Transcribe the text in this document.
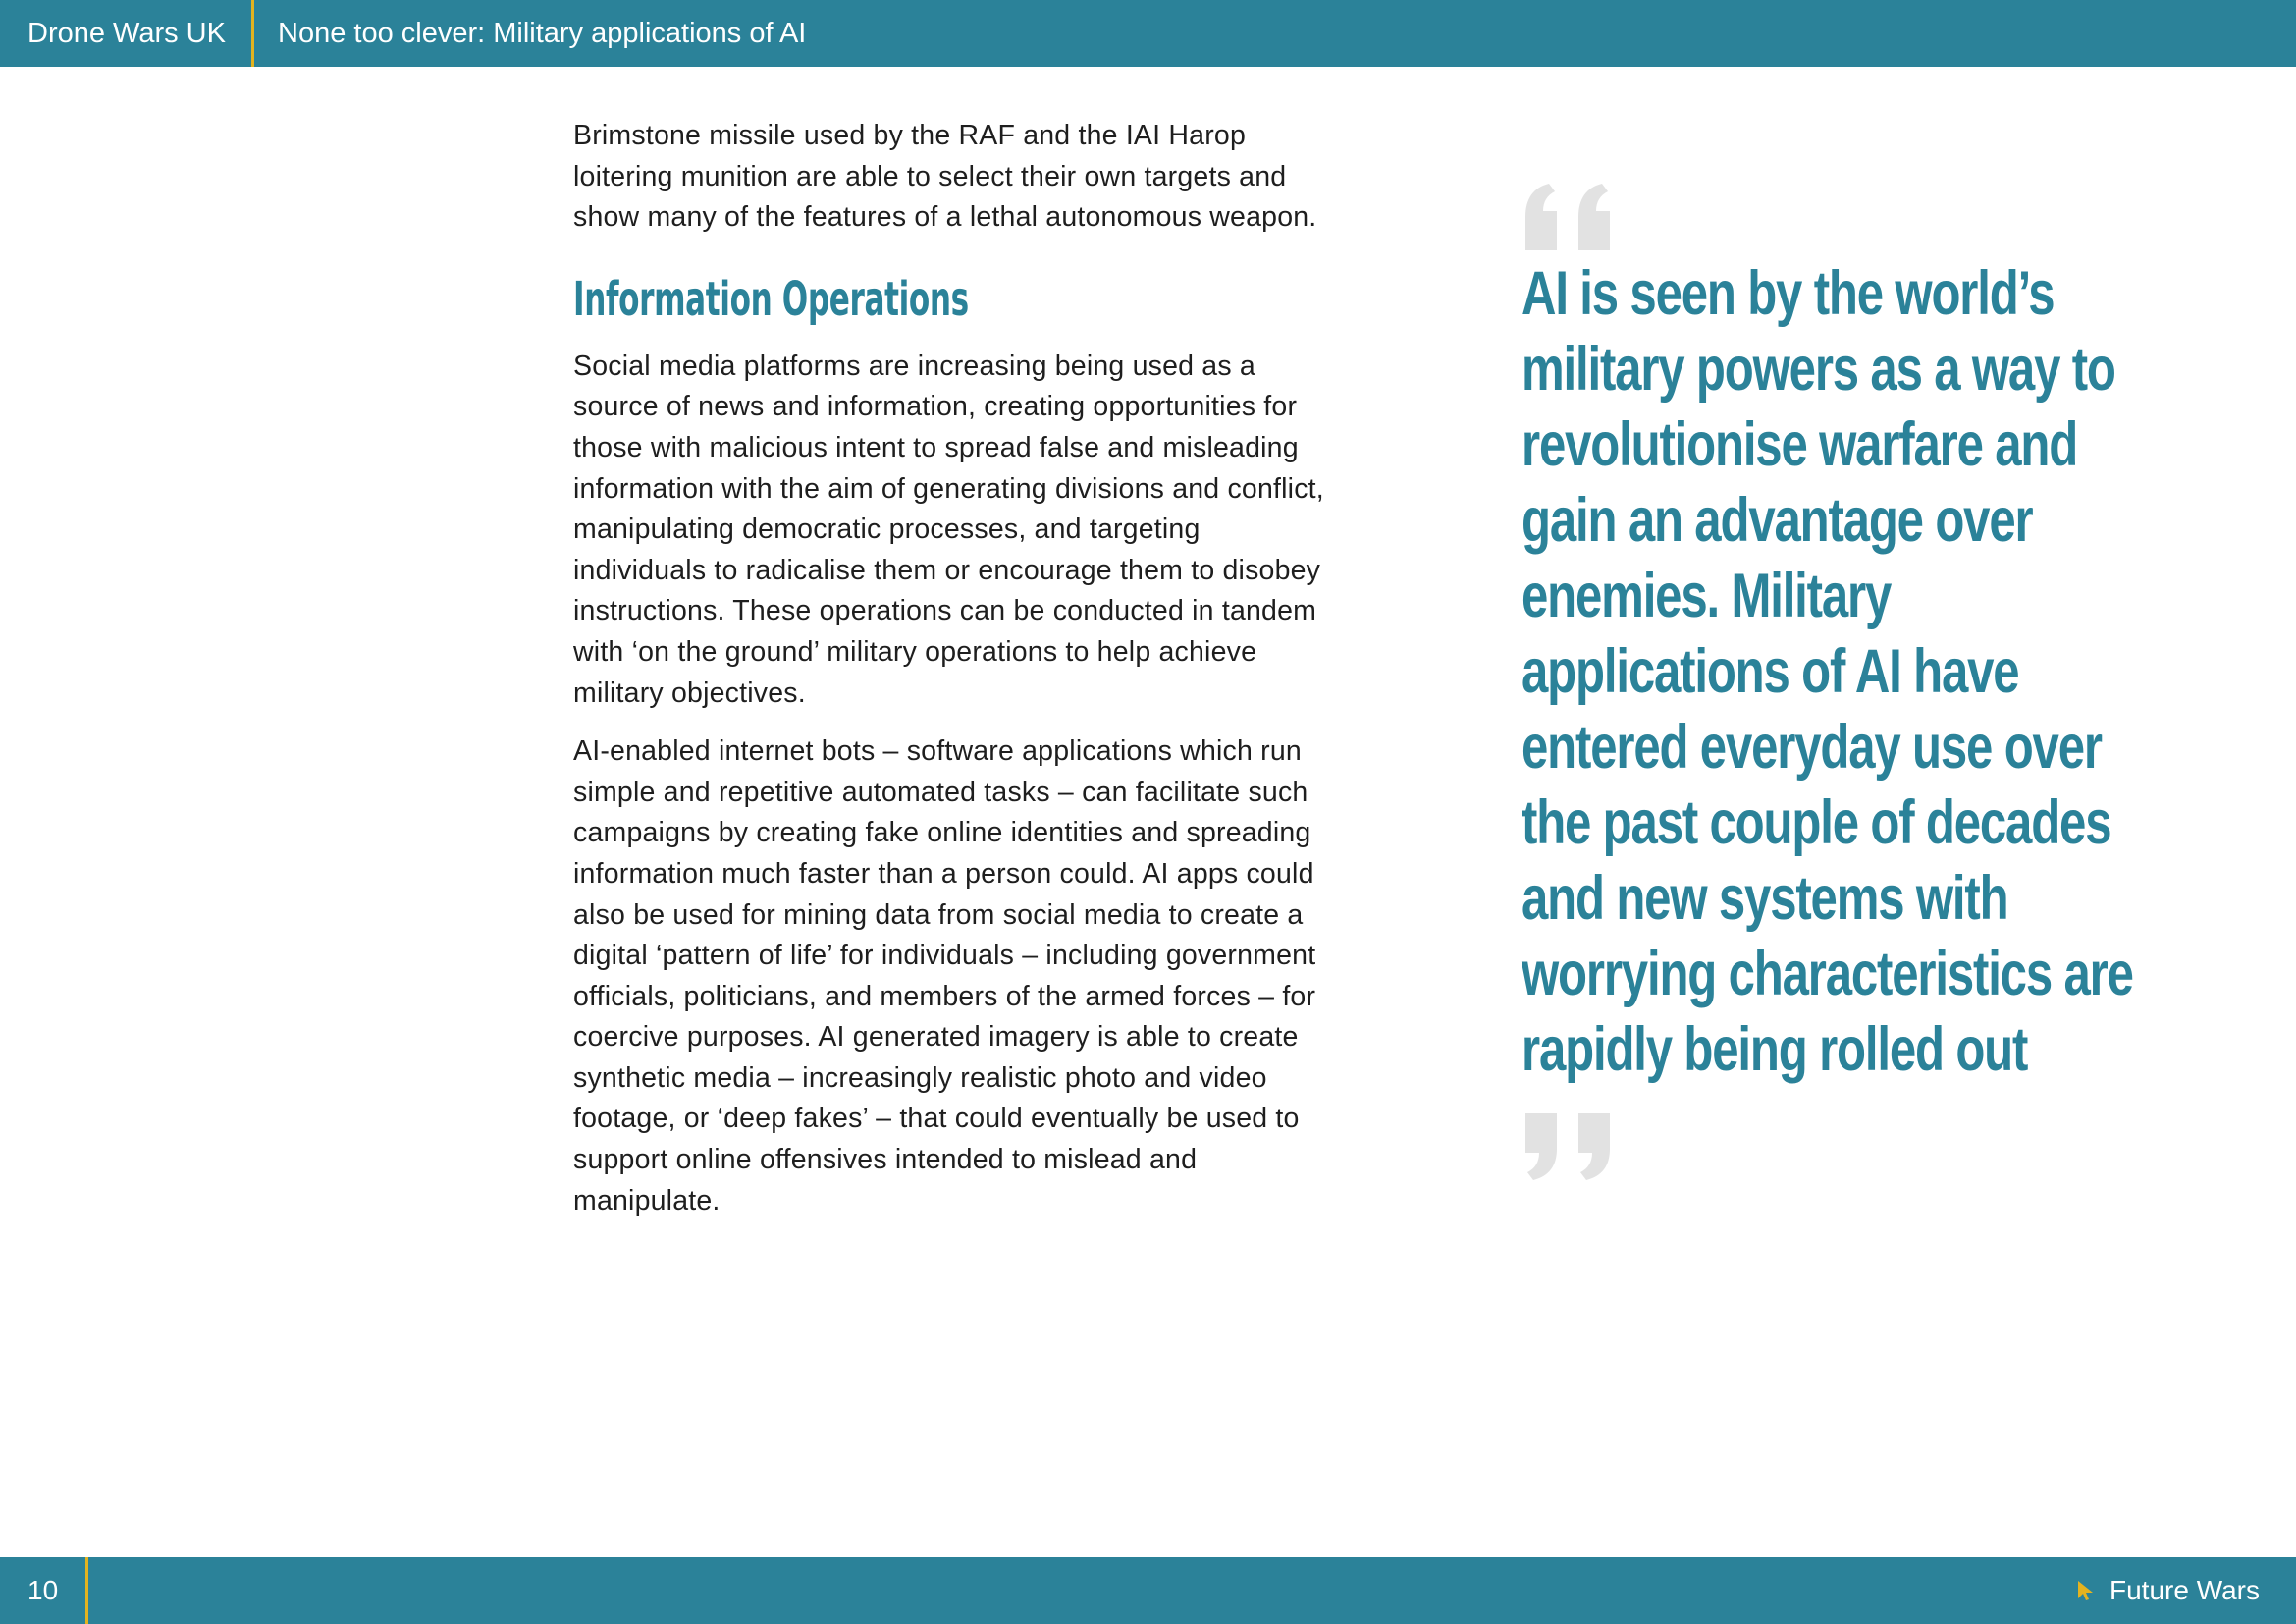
Drone Wars UK	None too clever: Military applications of AI

Brimstone missile used by the RAF and the IAI Harop loitering munition are able to select their own targets and show many of the features of a lethal autonomous weapon.

Information Operations

Social media platforms are increasing being used as a source of news and information, creating opportunities for those with malicious intent to spread false and misleading information with the aim of generating divisions and conflict, manipulating democratic processes, and targeting individuals to radicalise them or encourage them to disobey instructions. These operations can be conducted in tandem with ‘on the ground’ military operations to help achieve military objectives.

AI-enabled internet bots – software applications which run simple and repetitive automated tasks – can facilitate such campaigns by creating fake online identities and spreading information much faster than a person could. AI apps could also be used for mining data from social media to create a digital ‘pattern of life’ for individuals – including government officials, politicians, and members of the armed forces – for coercive purposes. AI generated imagery is able to create synthetic media – increasingly realistic photo and video footage, or ‘deep fakes’ – that could eventually be used to support online offensives intended to mislead and manipulate.

AI is seen by the world’s military powers as a way to revolutionise warfare and gain an advantage over enemies. Military applications of AI have entered everyday use over the past couple of decades and new systems with worrying characteristics are rapidly being rolled out
10	Future Wars
